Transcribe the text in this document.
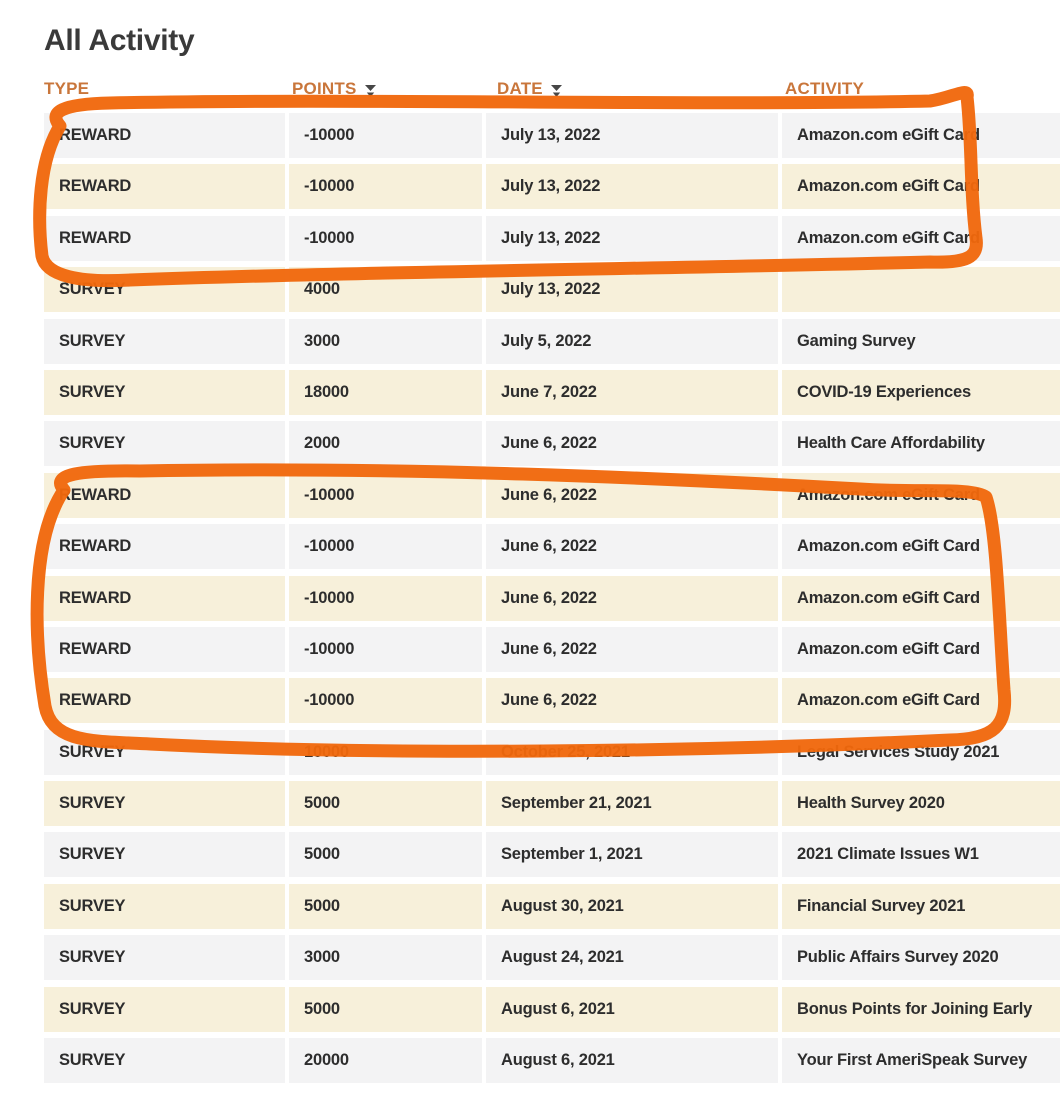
All Activity
TYPE	POINTS	DATE	ACTIVITY
REWARD	-10000	July 13, 2022	Amazon.com eGift Card
REWARD	-10000	July 13, 2022	Amazon.com eGift Card
REWARD	-10000	July 13, 2022	Amazon.com eGift Card
SURVEY	4000	July 13, 2022
SURVEY	3000	July 5, 2022	Gaming Survey
SURVEY	18000	June 7, 2022	COVID-19 Experiences
SURVEY	2000	June 6, 2022	Health Care Affordability
REWARD	-10000	June 6, 2022	Amazon.com eGift Card
REWARD	-10000	June 6, 2022	Amazon.com eGift Card
REWARD	-10000	June 6, 2022	Amazon.com eGift Card
REWARD	-10000	June 6, 2022	Amazon.com eGift Card
REWARD	-10000	June 6, 2022	Amazon.com eGift Card
SURVEY	10000	October 25, 2021	Legal Services Study 2021
SURVEY	5000	September 21, 2021	Health Survey 2020
SURVEY	5000	September 1, 2021	2021 Climate Issues W1
SURVEY	5000	August 30, 2021	Financial Survey 2021
SURVEY	3000	August 24, 2021	Public Affairs Survey 2020
SURVEY	5000	August 6, 2021	Bonus Points for Joining Early
SURVEY	20000	August 6, 2021	Your First AmeriSpeak Survey
